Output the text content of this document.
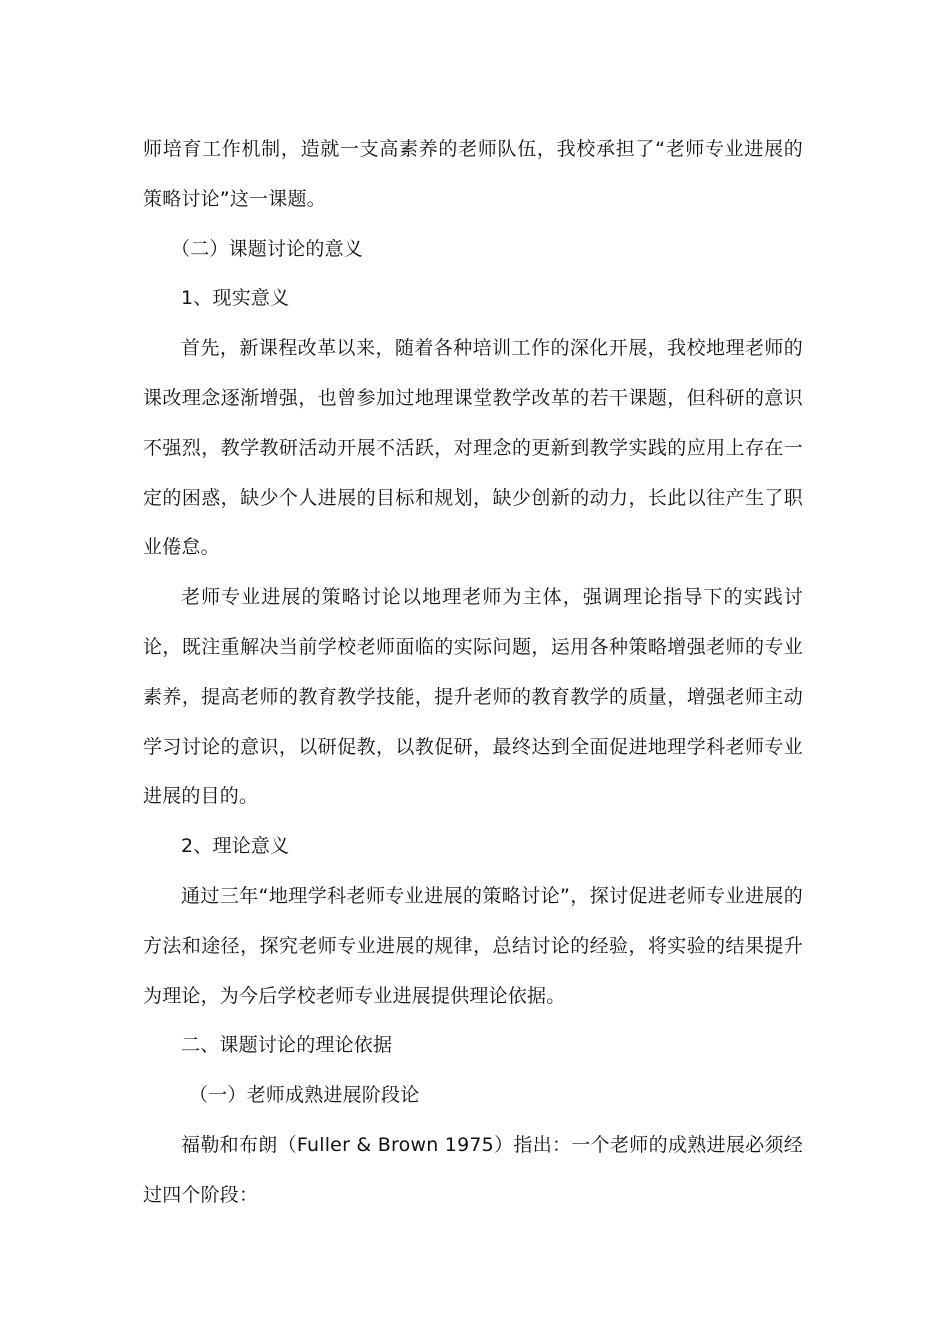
师培育工作机制，造就一支高素养的老师队伍，我校承担了“老师专业进展的策略讨论”这一课题。

（二）课题讨论的意义

1、现实意义

首先，新课程改革以来，随着各种培训工作的深化开展，我校地理老师的课改理念逐渐增强，也曾参加过地理课堂教学改革的若干课题，但科研的意识不强烈，教学教研活动开展不活跃，对理念的更新到教学实践的应用上存在一定的困惑，缺少个人进展的目标和规划，缺少创新的动力，长此以往产生了职业倦怠。

老师专业进展的策略讨论以地理老师为主体，强调理论指导下的实践讨论，既注重解决当前学校老师面临的实际问题，运用各种策略增强老师的专业素养，提高老师的教育教学技能，提升老师的教育教学的质量，增强老师主动学习讨论的意识，以研促教，以教促研，最终达到全面促进地理学科老师专业进展的目的。

2、理论意义

通过三年“地理学科老师专业进展的策略讨论”，探讨促进老师专业进展的方法和途径，探究老师专业进展的规律，总结讨论的经验，将实验的结果提升为理论，为今后学校老师专业进展提供理论依据。

二、课题讨论的理论依据

（一）老师成熟进展阶段论

福勒和布朗（Fuller & Brown 1975）指出：一个老师的成熟进展必须经过四个阶段：
